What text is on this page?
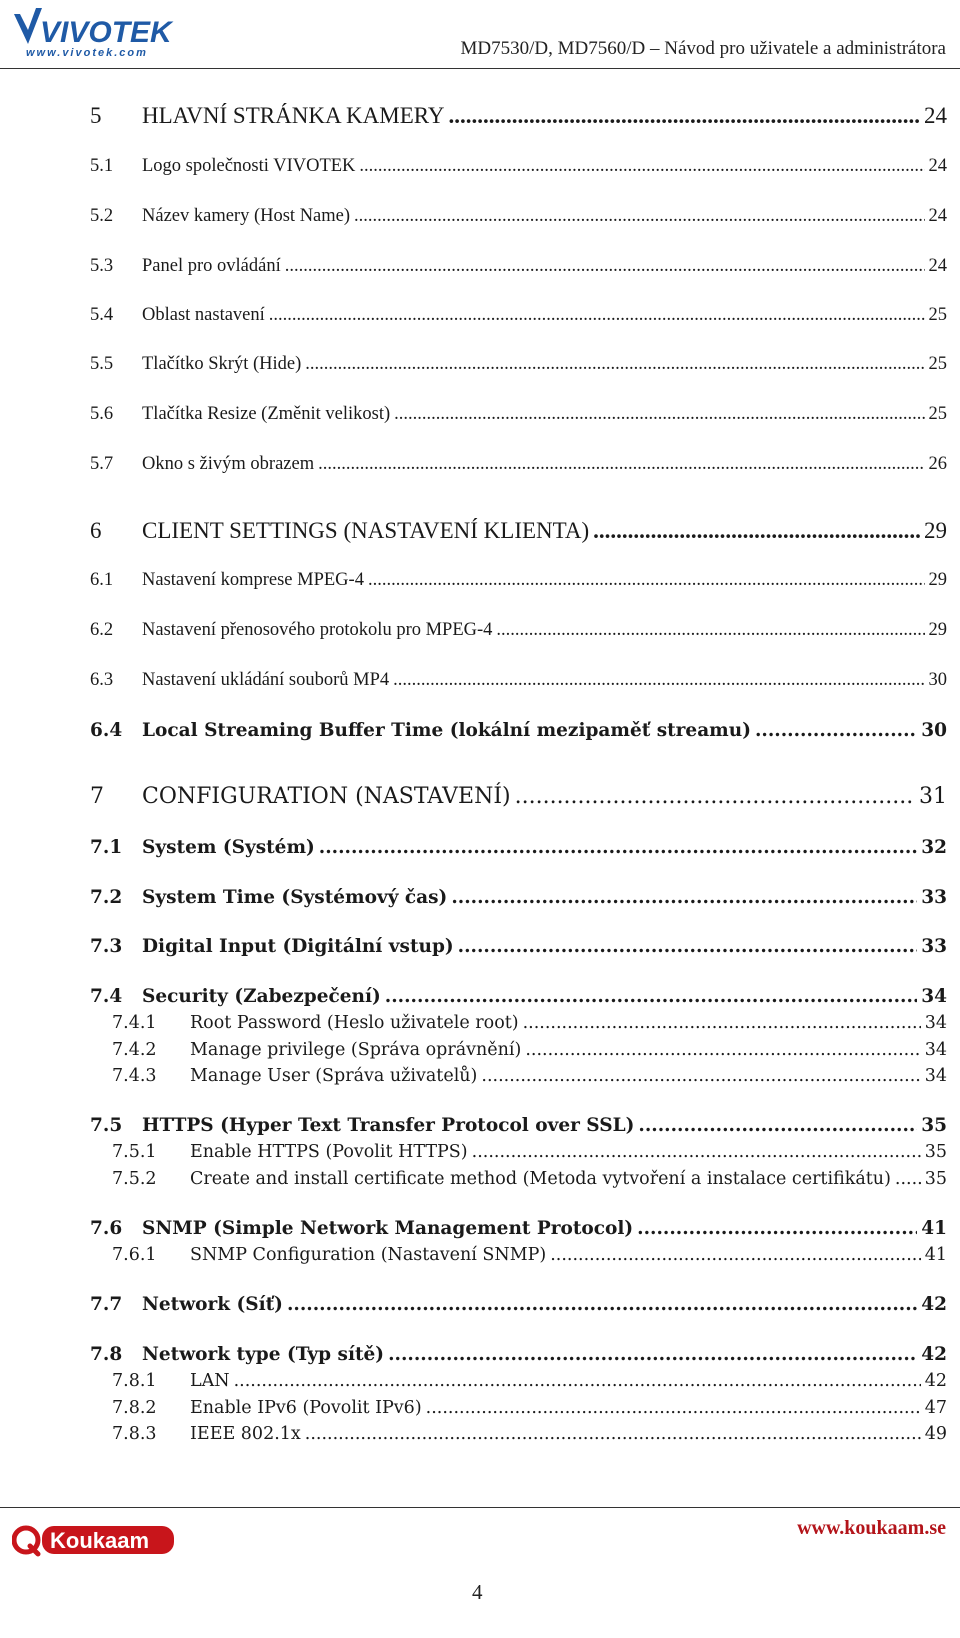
VIVOTEK
www.vivotek.com	MD7530/D, MD7560/D – Návod pro uživatele a administrátora
5	HLAVNÍ STRÁNKA KAMERY .....	24
5.1	Logo společnosti VIVOTEK .....	24
5.2	Název kamery (Host Name) .....	24
5.3	Panel pro ovládání .....	24
5.4	Oblast nastavení .....	25
5.5	Tlačítko Skrýt (Hide) .....	25
5.6	Tlačítka Resize (Změnit velikost) .....	25
5.7	Okno s živým obrazem .....	26
6	CLIENT SETTINGS (NASTAVENÍ KLIENTA) .....	29
6.1	Nastavení komprese MPEG-4 .....	29
6.2	Nastavení přenosového protokolu pro MPEG-4 .....	29
6.3	Nastavení ukládání souborů MP4 .....	30
6.4	Local Streaming Buffer Time (lokální mezipaměť streamu) .....	30
7	CONFIGURATION (NASTAVENÍ) .....	31
7.1	System (Systém) .....	32
7.2	System Time (Systémový čas) .....	33
7.3	Digital Input (Digitální vstup) .....	33
7.4	Security (Zabezpečení) .....	34
7.4.1	Root Password (Heslo uživatele root) .....	34
7.4.2	Manage privilege (Správa oprávnění) .....	34
7.4.3	Manage User (Správa uživatelů) .....	34
7.5	HTTPS (Hyper Text Transfer Protocol over SSL) .....	35
7.5.1	Enable HTTPS (Povolit HTTPS) .....	35
7.5.2	Create and install certificate method (Metoda vytvoření a instalace certifikátu) ..... 35
7.6	SNMP (Simple Network Management Protocol) .....	41
7.6.1	SNMP Configuration (Nastavení SNMP) .....	41
7.7	Network (Síť) .....	42
7.8	Network type (Typ sítě) .....	42
7.8.1	LAN .....	42
7.8.2	Enable IPv6 (Povolit IPv6) .....	47
7.8.3	IEEE 802.1x .....	49
Koukaam	www.koukaam.se
4
